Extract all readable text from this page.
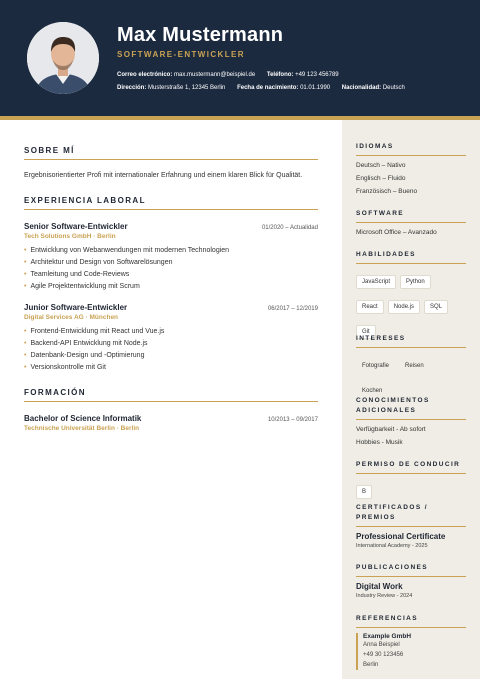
Max Mustermann
SOFTWARE-ENTWICKLER
Correo electrónico: max.mustermann@beispiel.de Teléfono: +49 123 456789
Dirección: Musterstraße 1, 12345 Berlin Fecha de nacimiento: 01.01.1990 Nacionalidad: Deutsch
SOBRE MÍ
Ergebnisorientierter Profi mit internationaler Erfahrung und einem klaren Blick für Qualität.
EXPERIENCIA LABORAL
Senior Software-Entwickler	01/2020 – Actualidad
Tech Solutions GmbH · Berlin
• Entwicklung von Webanwendungen mit modernen Technologien
• Architektur und Design von Softwarelösungen
• Teamleitung und Code-Reviews
• Agile Projektentwicklung mit Scrum
Junior Software-Entwickler	06/2017 – 12/2019
Digital Services AG · München
• Frontend-Entwicklung mit React und Vue.js
• Backend-API Entwicklung mit Node.js
• Datenbank-Design und -Optimierung
• Versionskontrolle mit Git
FORMACIÓN
Bachelor of Science Informatik	10/2013 – 09/2017
Technische Universität Berlin · Berlin
IDIOMAS
Deutsch – Nativo
Englisch – Fluido
Französisch – Bueno
SOFTWARE
Microsoft Office – Avanzado
HABILIDADES
JavaScript	Python
React	Node.js	SQL
Git
INTERESES
Fotografie	Reisen
Kochen
CONOCIMIENTOS ADICIONALES
Verfügbarkeit - Ab sofort
Hobbies - Musik
PERMISO DE CONDUCIR
B
CERTIFICADOS / PREMIOS
Professional Certificate
International Academy - 2025
PUBLICACIONES
Digital Work
Industry Review - 2024
REFERENCIAS
Example GmbH
Anna Beispiel
+49 30 123456
Berlin
